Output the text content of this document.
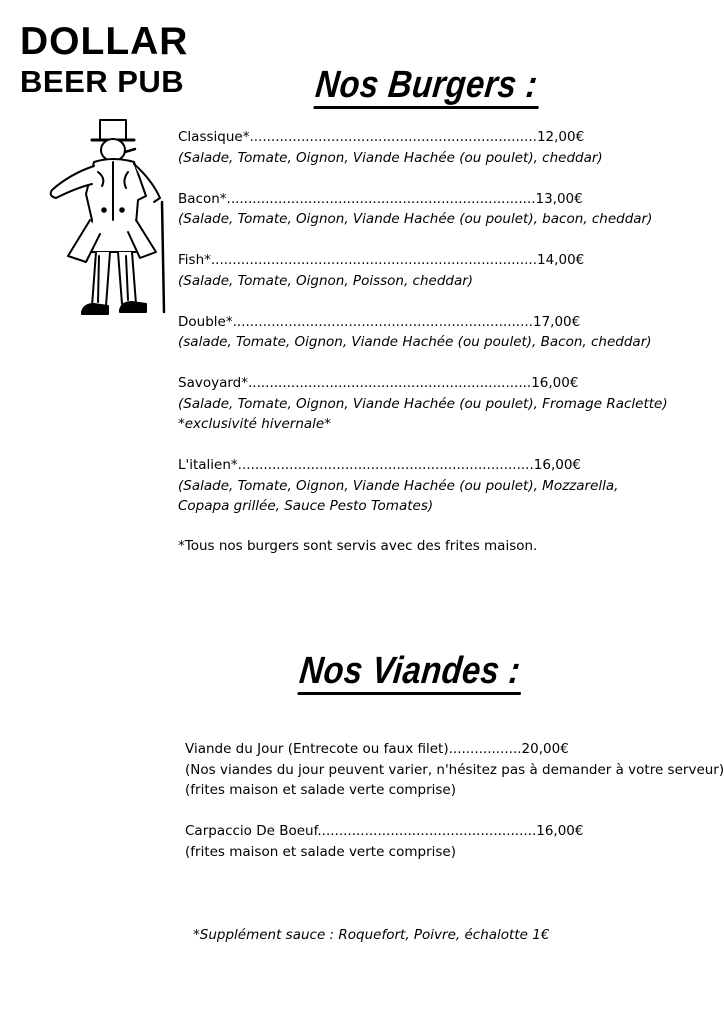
DOLLAR
BEER PUB	Nos Burgers :
Classique*...................................................................12,00€
(Salade, Tomate, Oignon, Viande Hachée (ou poulet), cheddar)
Bacon*........................................................................13,00€
(Salade, Tomate, Oignon, Viande Hachée (ou poulet), bacon, cheddar)
Fish*............................................................................14,00€
(Salade, Tomate, Oignon, Poisson, cheddar)
Double*......................................................................17,00€
(salade, Tomate, Oignon, Viande Hachée (ou poulet), Bacon, cheddar)
Savoyard*..................................................................16,00€
(Salade, Tomate, Oignon, Viande Hachée (ou poulet), Fromage Raclette)
*exclusivité hivernale*
L'italien*.....................................................................16,00€
(Salade, Tomate, Oignon, Viande Hachée (ou poulet), Mozzarella,
Copapa grillée, Sauce Pesto Tomates)
*Tous nos burgers sont servis avec des frites maison.
Nos Viandes :
Viande du Jour (Entrecote ou faux filet).................20,00€
(Nos viandes du jour peuvent varier, n'hésitez pas à demander à votre serveur)
(frites maison et salade verte comprise)
Carpaccio De Boeuf...................................................16,00€
(frites maison et salade verte comprise)
*Supplément sauce : Roquefort, Poivre, échalotte 1€
